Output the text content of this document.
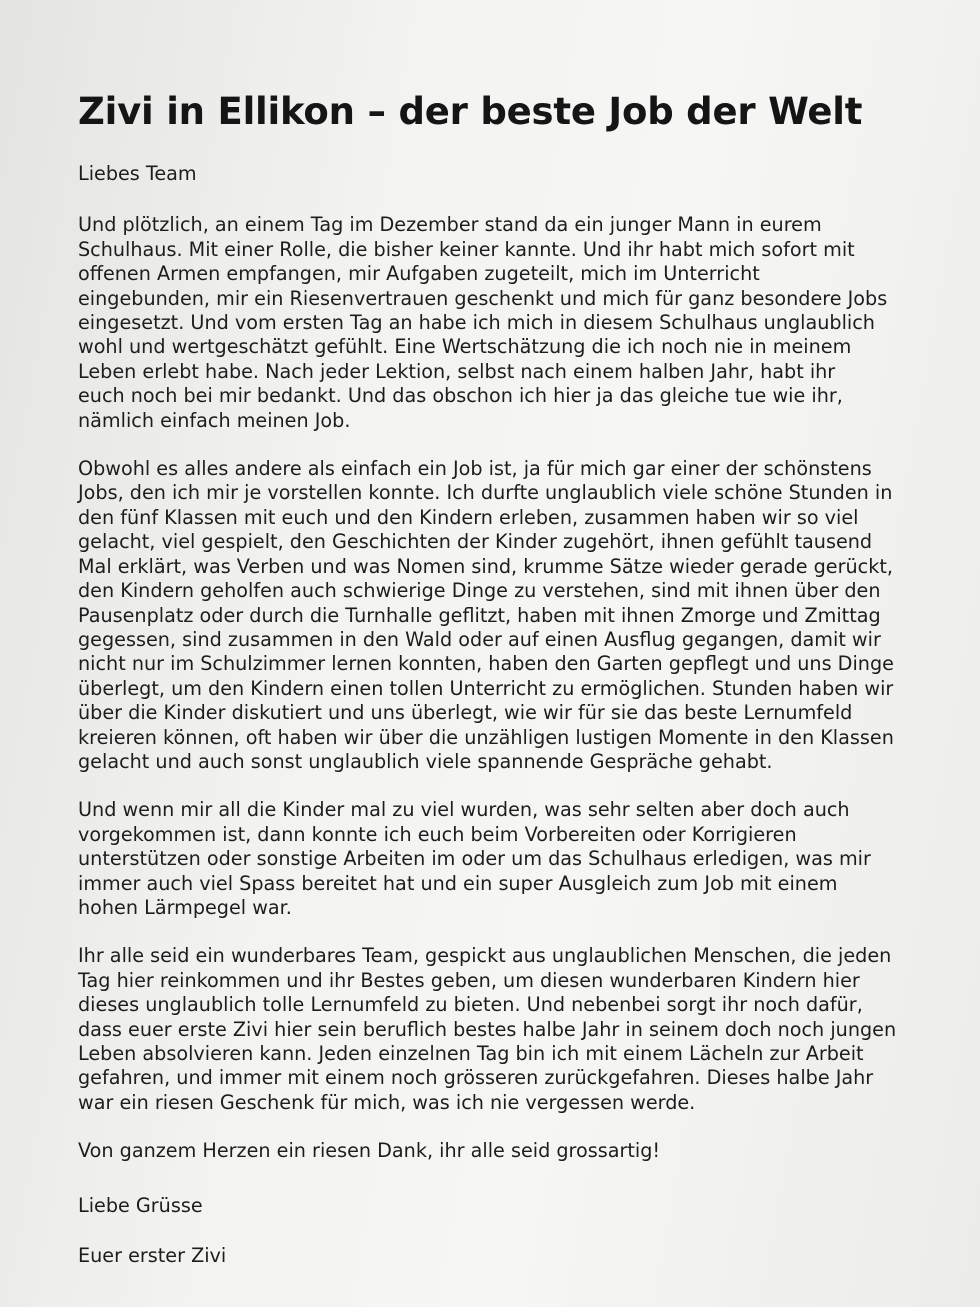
Zivi in Ellikon – der beste Job der Welt

Liebes Team

Und plötzlich, an einem Tag im Dezember stand da ein junger Mann in eurem
Schulhaus. Mit einer Rolle, die bisher keiner kannte. Und ihr habt mich sofort mit
offenen Armen empfangen, mir Aufgaben zugeteilt, mich im Unterricht
eingebunden, mir ein Riesenvertrauen geschenkt und mich für ganz besondere Jobs
eingesetzt. Und vom ersten Tag an habe ich mich in diesem Schulhaus unglaublich
wohl und wertgeschätzt gefühlt. Eine Wertschätzung die ich noch nie in meinem
Leben erlebt habe. Nach jeder Lektion, selbst nach einem halben Jahr, habt ihr
euch noch bei mir bedankt. Und das obschon ich hier ja das gleiche tue wie ihr,
nämlich einfach meinen Job.

Obwohl es alles andere als einfach ein Job ist, ja für mich gar einer der schönstens
Jobs, den ich mir je vorstellen konnte. Ich durfte unglaublich viele schöne Stunden in
den fünf Klassen mit euch und den Kindern erleben, zusammen haben wir so viel
gelacht, viel gespielt, den Geschichten der Kinder zugehört, ihnen gefühlt tausend
Mal erklärt, was Verben und was Nomen sind, krumme Sätze wieder gerade gerückt,
den Kindern geholfen auch schwierige Dinge zu verstehen, sind mit ihnen über den
Pausenplatz oder durch die Turnhalle geflitzt, haben mit ihnen Zmorge und Zmittag
gegessen, sind zusammen in den Wald oder auf einen Ausflug gegangen, damit wir
nicht nur im Schulzimmer lernen konnten, haben den Garten gepflegt und uns Dinge
überlegt, um den Kindern einen tollen Unterricht zu ermöglichen. Stunden haben wir
über die Kinder diskutiert und uns überlegt, wie wir für sie das beste Lernumfeld
kreieren können, oft haben wir über die unzähligen lustigen Momente in den Klassen
gelacht und auch sonst unglaublich viele spannende Gespräche gehabt.

Und wenn mir all die Kinder mal zu viel wurden, was sehr selten aber doch auch
vorgekommen ist, dann konnte ich euch beim Vorbereiten oder Korrigieren
unterstützen oder sonstige Arbeiten im oder um das Schulhaus erledigen, was mir
immer auch viel Spass bereitet hat und ein super Ausgleich zum Job mit einem
hohen Lärmpegel war.

Ihr alle seid ein wunderbares Team, gespickt aus unglaublichen Menschen, die jeden
Tag hier reinkommen und ihr Bestes geben, um diesen wunderbaren Kindern hier
dieses unglaublich tolle Lernumfeld zu bieten. Und nebenbei sorgt ihr noch dafür,
dass euer erste Zivi hier sein beruflich bestes halbe Jahr in seinem doch noch jungen
Leben absolvieren kann. Jeden einzelnen Tag bin ich mit einem Lächeln zur Arbeit
gefahren, und immer mit einem noch grösseren zurückgefahren. Dieses halbe Jahr
war ein riesen Geschenk für mich, was ich nie vergessen werde.

Von ganzem Herzen ein riesen Dank, ihr alle seid grossartig!

Liebe Grüsse

Euer erster Zivi
